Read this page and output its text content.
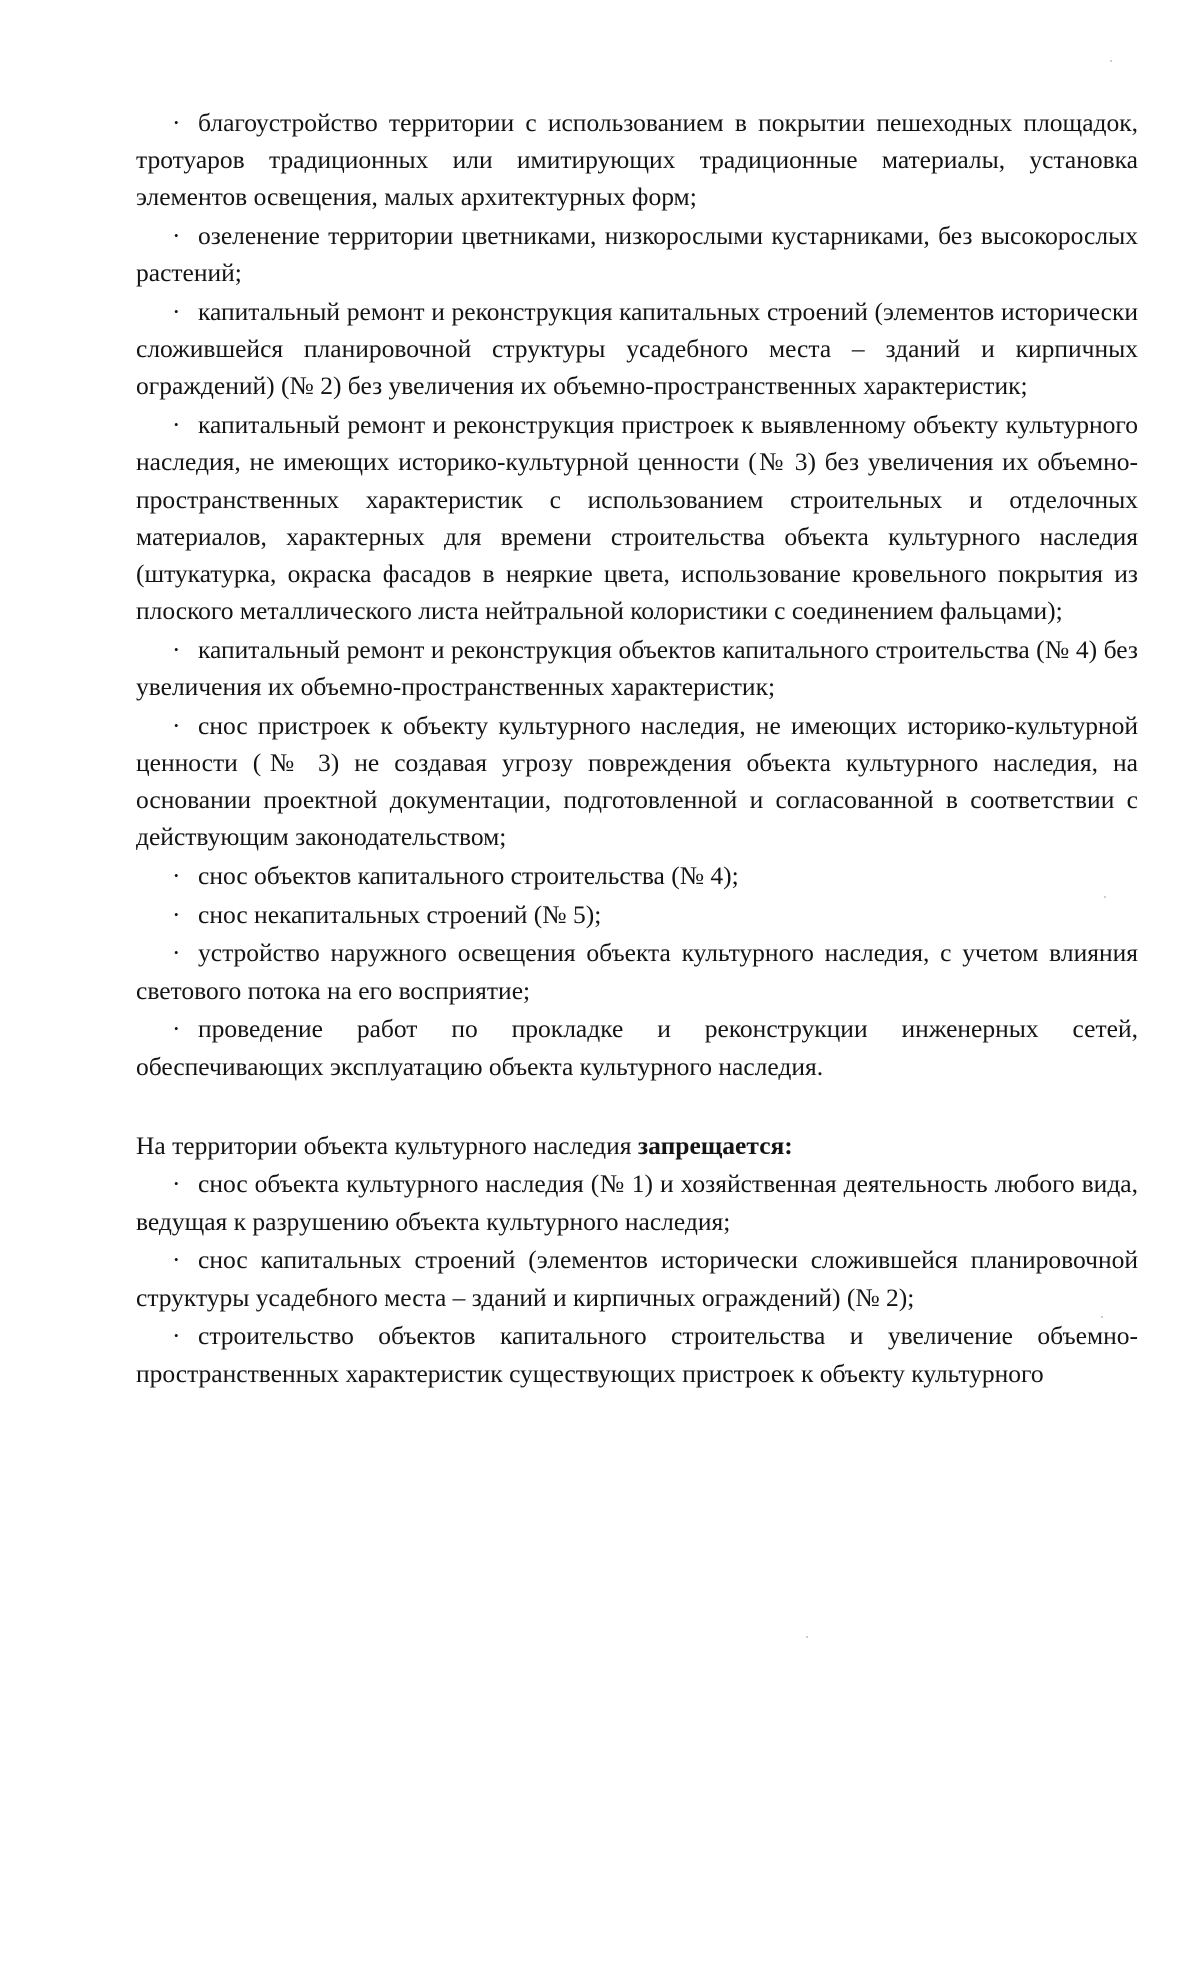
· благоустройство территории с использованием в покрытии пешеходных площадок, тротуаров традиционных или имитирующих традиционные материалы, установка элементов освещения, малых архитектурных форм;

· озеленение территории цветниками, низкорослыми кустарниками, без высокорослых растений;

· капитальный ремонт и реконструкция капитальных строений (элементов исторически сложившейся планировочной структуры усадебного места – зданий и кирпичных ограждений) (№ 2) без увеличения их объемно-пространственных характеристик;

· капитальный ремонт и реконструкция пристроек к выявленному объекту культурного наследия, не имеющих историко-культурной ценности (№ 3) без увеличения их объемно-пространственных характеристик с использованием строительных и отделочных материалов, характерных для времени строительства объекта культурного наследия (штукатурка, окраска фасадов в неяркие цвета, использование кровельного покрытия из плоского металлического листа нейтральной колористики с соединением фальцами);

· капитальный ремонт и реконструкция объектов капитального строительства (№ 4) без увеличения их объемно-пространственных характеристик;

· снос пристроек к объекту культурного наследия, не имеющих историко-культурной ценности (№ 3) не создавая угрозу повреждения объекта культурного наследия, на основании проектной документации, подготовленной и согласованной в соответствии с действующим законодательством;

· снос объектов капитального строительства (№ 4);

· снос некапитальных строений (№ 5);

· устройство наружного освещения объекта культурного наследия, с учетом влияния светового потока на его восприятие;

· проведение работ по прокладке и реконструкции инженерных сетей, обеспечивающих эксплуатацию объекта культурного наследия.

На территории объекта культурного наследия запрещается:

· снос объекта культурного наследия (№ 1) и хозяйственная деятельность любого вида, ведущая к разрушению объекта культурного наследия;

· снос капитальных строений (элементов исторически сложившейся планировочной структуры усадебного места – зданий и кирпичных ограждений) (№ 2);

· строительство объектов капитального строительства и увеличение объемно-пространственных характеристик существующих пристроек к объекту культурного
